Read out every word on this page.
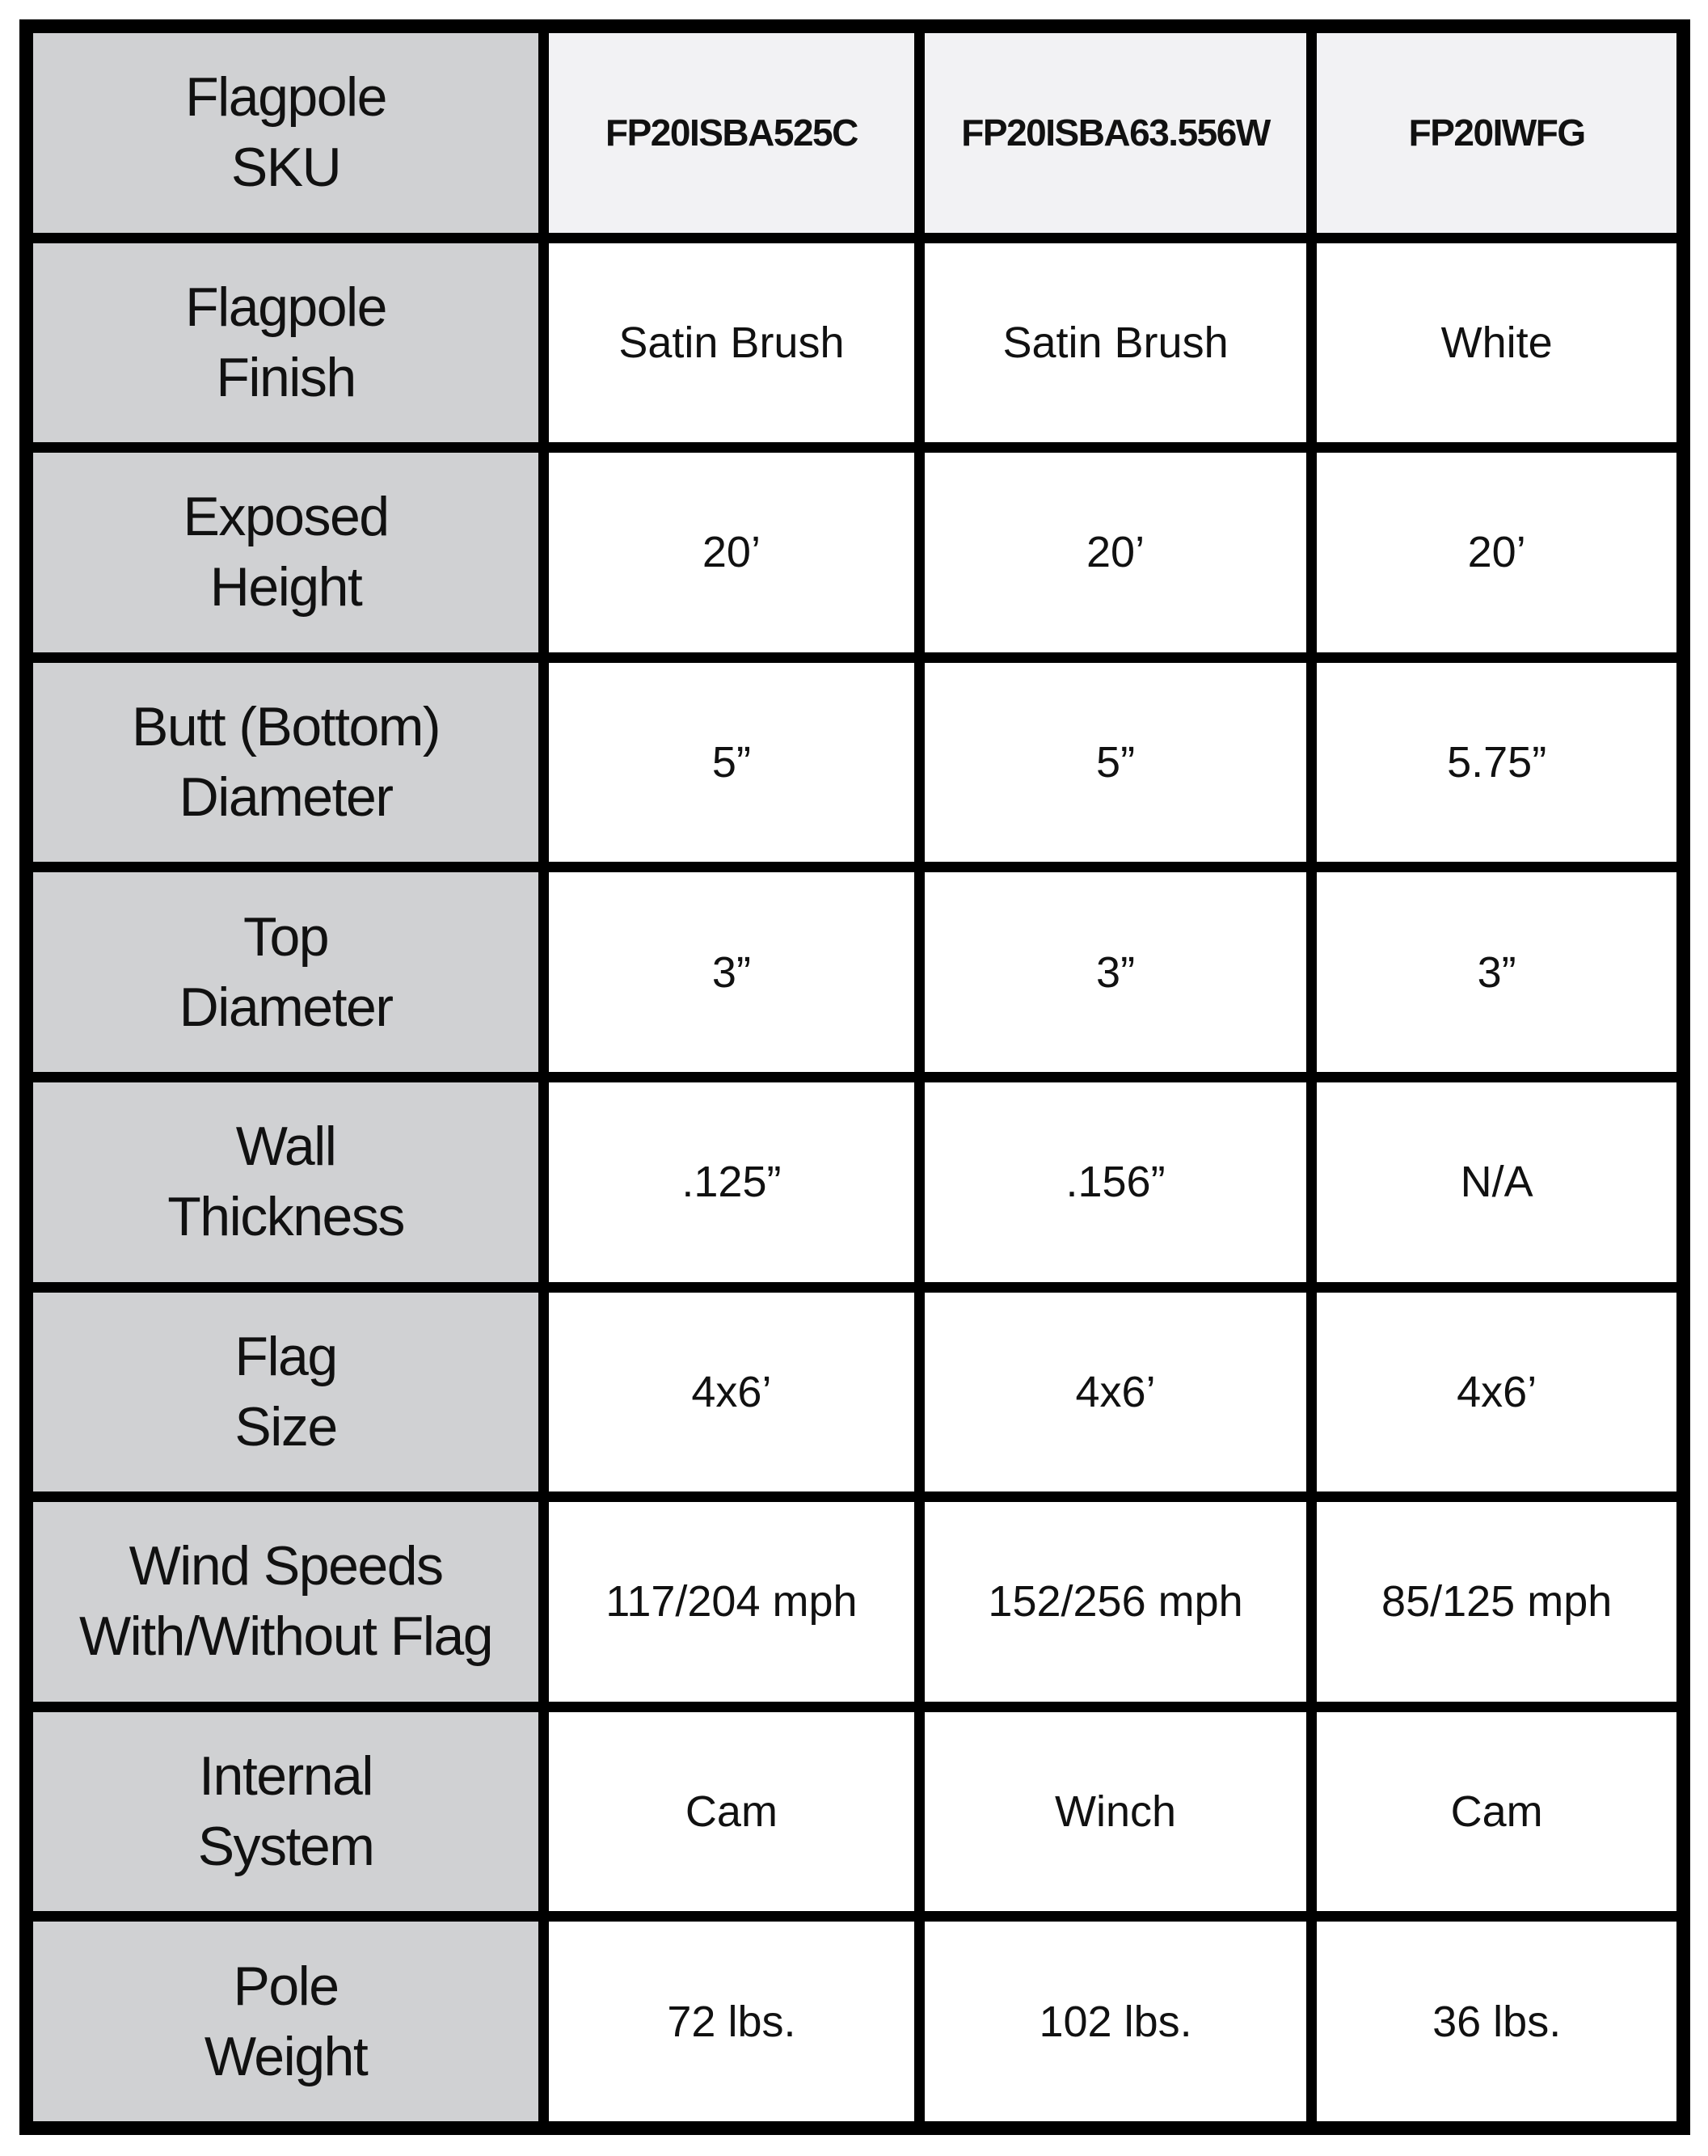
Flagpole
SKU
FP20ISBA525C	FP20ISBA63.556W	FP20IWFG
Flagpole
Finish
Satin Brush	Satin Brush	White
Exposed
Height
20’	20’	20’
Butt (Bottom)
Diameter
5”	5”	5.75”
Top
Diameter
3”	3”	3”
Wall
Thickness
.125”	.156”	N/A
Flag
Size
4x6’	4x6’	4x6’
Wind Speeds
With/Without Flag
117/204 mph	152/256 mph	85/125 mph
Internal
System
Cam	Winch	Cam
Pole
Weight
72 lbs.	102 lbs.	36 lbs.
